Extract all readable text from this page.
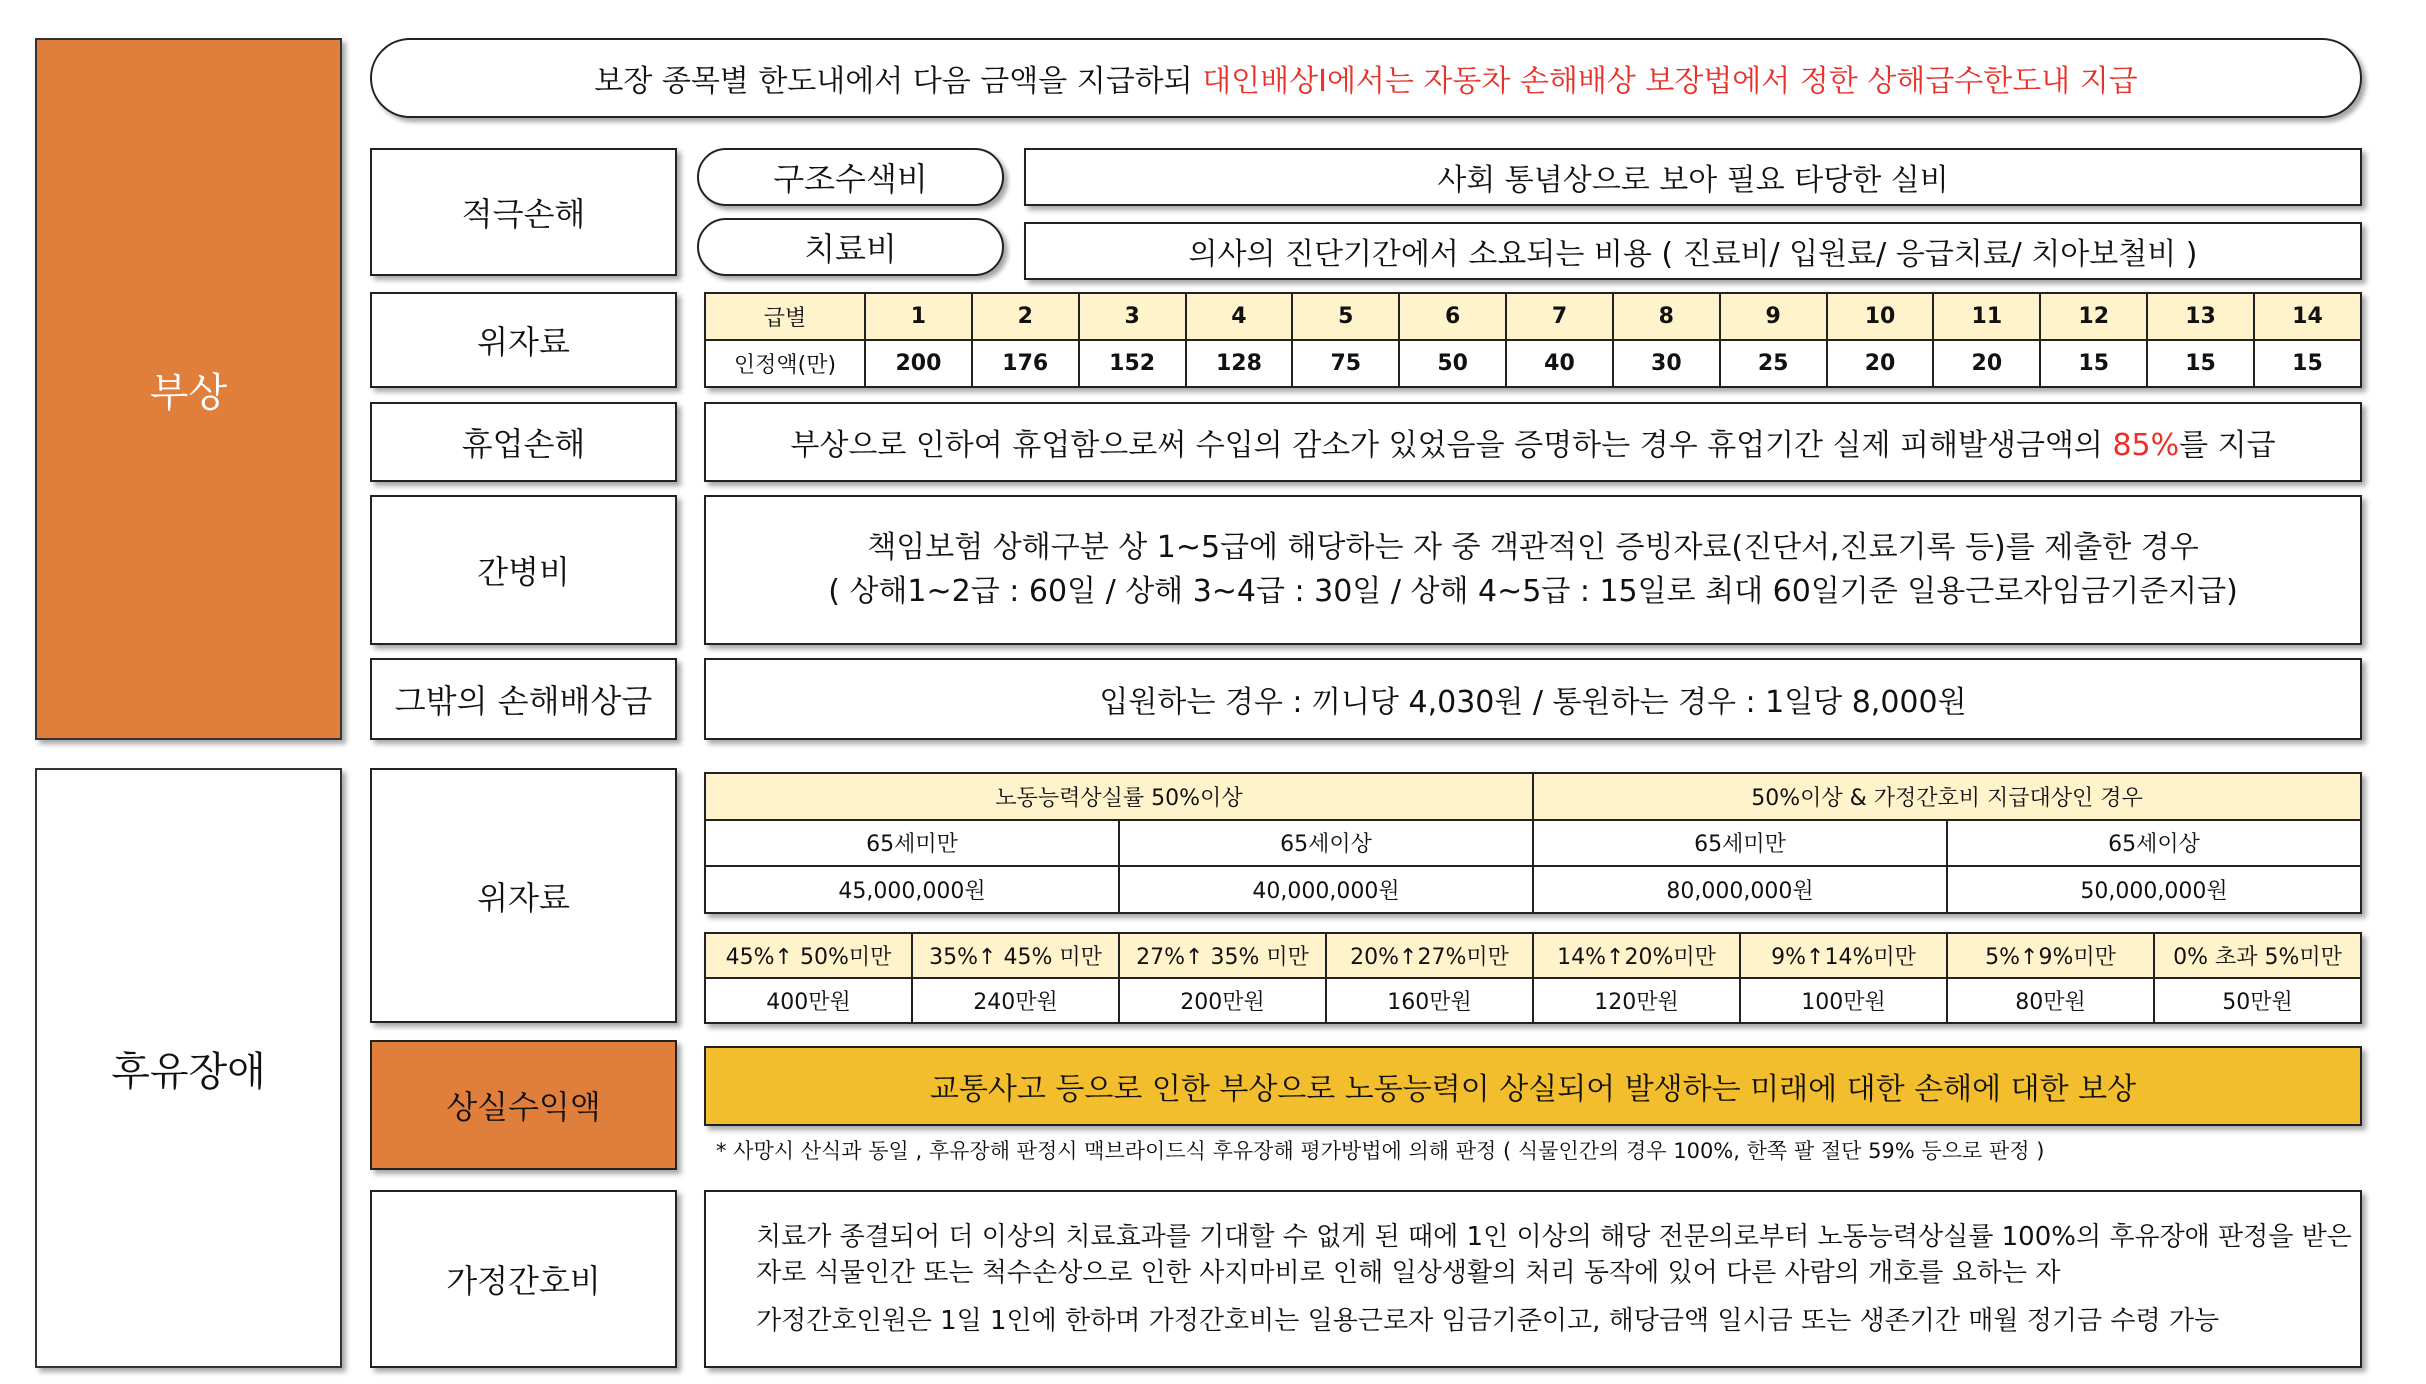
부상
보장 종목별 한도내에서 다음 금액을 지급하되 대인배상Ⅰ에서는 자동차 손해배상 보장법에서 정한 상해급수한도내 지급
적극손해
구조수색비	사회 통념상으로 보아 필요 타당한 실비
치료비	의사의 진단기간에서 소요되는 비용 ( 진료비/ 입원료/ 응급치료/ 치아보철비 )
위자료
급별	1	2	3	4	5	6	7	8	9	10	11	12	13	14
인정액(만)	200	176	152	128	75	50	40	30	25	20	20	15	15	15
휴업손해	부상으로 인하여 휴업함으로써 수입의 감소가 있었음을 증명하는 경우 휴업기간 실제 피해발생금액의 85%를 지급
간병비
책임보험 상해구분 상 1~5급에 해당하는 자 중 객관적인 증빙자료(진단서,진료기록 등)를 제출한 경우
( 상해1~2급 : 60일 / 상해 3~4급 : 30일 / 상해 4~5급 : 15일로 최대 60일기준 일용근로자임금기준지급)
그밖의 손해배상금	입원하는 경우 : 끼니당 4,030원 / 통원하는 경우 : 1일당 8,000원
후유장애
위자료
노동능력상실률 50%이상		50%이상 & 가정간호비 지급대상인 경우	
65세미만	65세이상	65세미만	65세이상
45,000,000원	40,000,000원	80,000,000원	50,000,000원
45%↑ 50%미만	35%↑ 45% 미만	27%↑ 35% 미만	20%↑27%미만	14%↑20%미만	9%↑14%미만	5%↑9%미만	0% 초과 5%미만
400만원	240만원	200만원	160만원	120만원	100만원	80만원	50만원
상실수익액	교통사고 등으로 인한 부상으로 노동능력이 상실되어 발생하는 미래에 대한 손해에 대한 보상
* 사망시 산식과 동일 , 후유장해 판정시 맥브라이드식 후유장해 평가방법에 의해 판정 ( 식물인간의 경우 100%, 한쪽 팔 절단 59% 등으로 판정 )
가정간호비
치료가 종결되어 더 이상의 치료효과를 기대할 수 없게 된 때에 1인 이상의 해당 전문의로부터 노동능력상실률 100%의 후유장애 판정을 받은
자로 식물인간 또는 척수손상으로 인한 사지마비로 인해 일상생활의 처리 동작에 있어 다른 사람의 개호를 요하는 자
가정간호인원은 1일 1인에 한하며 가정간호비는 일용근로자 임금기준이고, 해당금액 일시금 또는 생존기간 매월 정기금 수령 가능
